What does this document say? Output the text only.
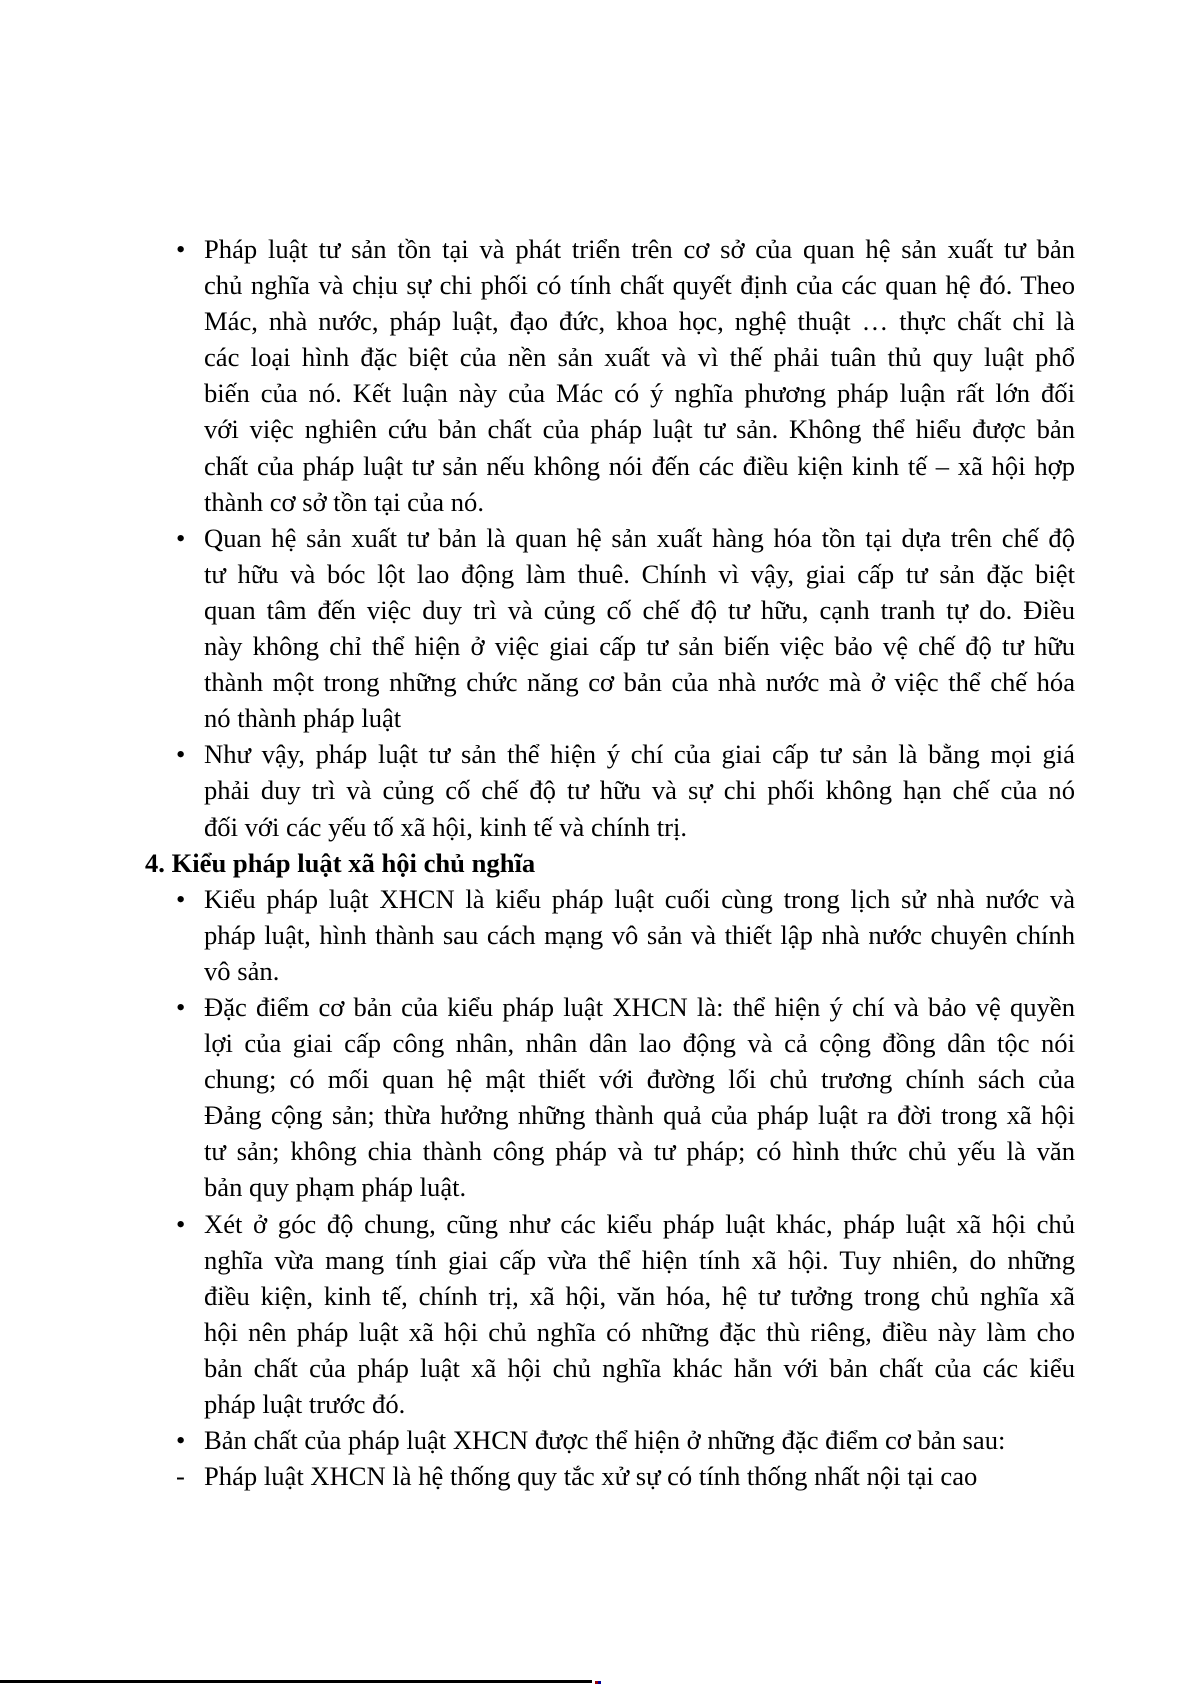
• Pháp luật tư sản tồn tại và phát triển trên cơ sở của quan hệ sản xuất tư bản
chủ nghĩa và chịu sự chi phối có tính chất quyết định của các quan hệ đó. Theo
Mác, nhà nước, pháp luật, đạo đức, khoa học, nghệ thuật … thực chất chỉ là
các loại hình đặc biệt của nền sản xuất và vì thế phải tuân thủ quy luật phổ
biến của nó. Kết luận này của Mác có ý nghĩa phương pháp luận rất lớn đối
với việc nghiên cứu bản chất của pháp luật tư sản. Không thể hiểu được bản
chất của pháp luật tư sản nếu không nói đến các điều kiện kinh tế – xã hội hợp
thành cơ sở tồn tại của nó.
• Quan hệ sản xuất tư bản là quan hệ sản xuất hàng hóa tồn tại dựa trên chế độ
tư hữu và bóc lột lao động làm thuê. Chính vì vậy, giai cấp tư sản đặc biệt
quan tâm đến việc duy trì và củng cố chế độ tư hữu, cạnh tranh tự do. Điều
này không chỉ thể hiện ở việc giai cấp tư sản biến việc bảo vệ chế độ tư hữu
thành một trong những chức năng cơ bản của nhà nước mà ở việc thể chế hóa
nó thành pháp luật
• Như vậy, pháp luật tư sản thể hiện ý chí của giai cấp tư sản là bằng mọi giá
phải duy trì và củng cố chế độ tư hữu và sự chi phối không hạn chế của nó
đối với các yếu tố xã hội, kinh tế và chính trị.
4. Kiểu pháp luật xã hội chủ nghĩa
• Kiểu pháp luật XHCN là kiểu pháp luật cuối cùng trong lịch sử nhà nước và
pháp luật, hình thành sau cách mạng vô sản và thiết lập nhà nước chuyên chính
vô sản.
• Đặc điểm cơ bản của kiểu pháp luật XHCN là: thể hiện ý chí và bảo vệ quyền
lợi của giai cấp công nhân, nhân dân lao động và cả cộng đồng dân tộc nói
chung; có mối quan hệ mật thiết với đường lối chủ trương chính sách của
Đảng cộng sản; thừa hưởng những thành quả của pháp luật ra đời trong xã hội
tư sản; không chia thành công pháp và tư pháp; có hình thức chủ yếu là văn
bản quy phạm pháp luật.
• Xét ở góc độ chung, cũng như các kiểu pháp luật khác, pháp luật xã hội chủ
nghĩa vừa mang tính giai cấp vừa thể hiện tính xã hội. Tuy nhiên, do những
điều kiện, kinh tế, chính trị, xã hội, văn hóa, hệ tư tưởng trong chủ nghĩa xã
hội nên pháp luật xã hội chủ nghĩa có những đặc thù riêng, điều này làm cho
bản chất của pháp luật xã hội chủ nghĩa khác hẳn với bản chất của các kiểu
pháp luật trước đó.
• Bản chất của pháp luật XHCN được thể hiện ở những đặc điểm cơ bản sau:
- Pháp luật XHCN là hệ thống quy tắc xử sự có tính thống nhất nội tại cao
